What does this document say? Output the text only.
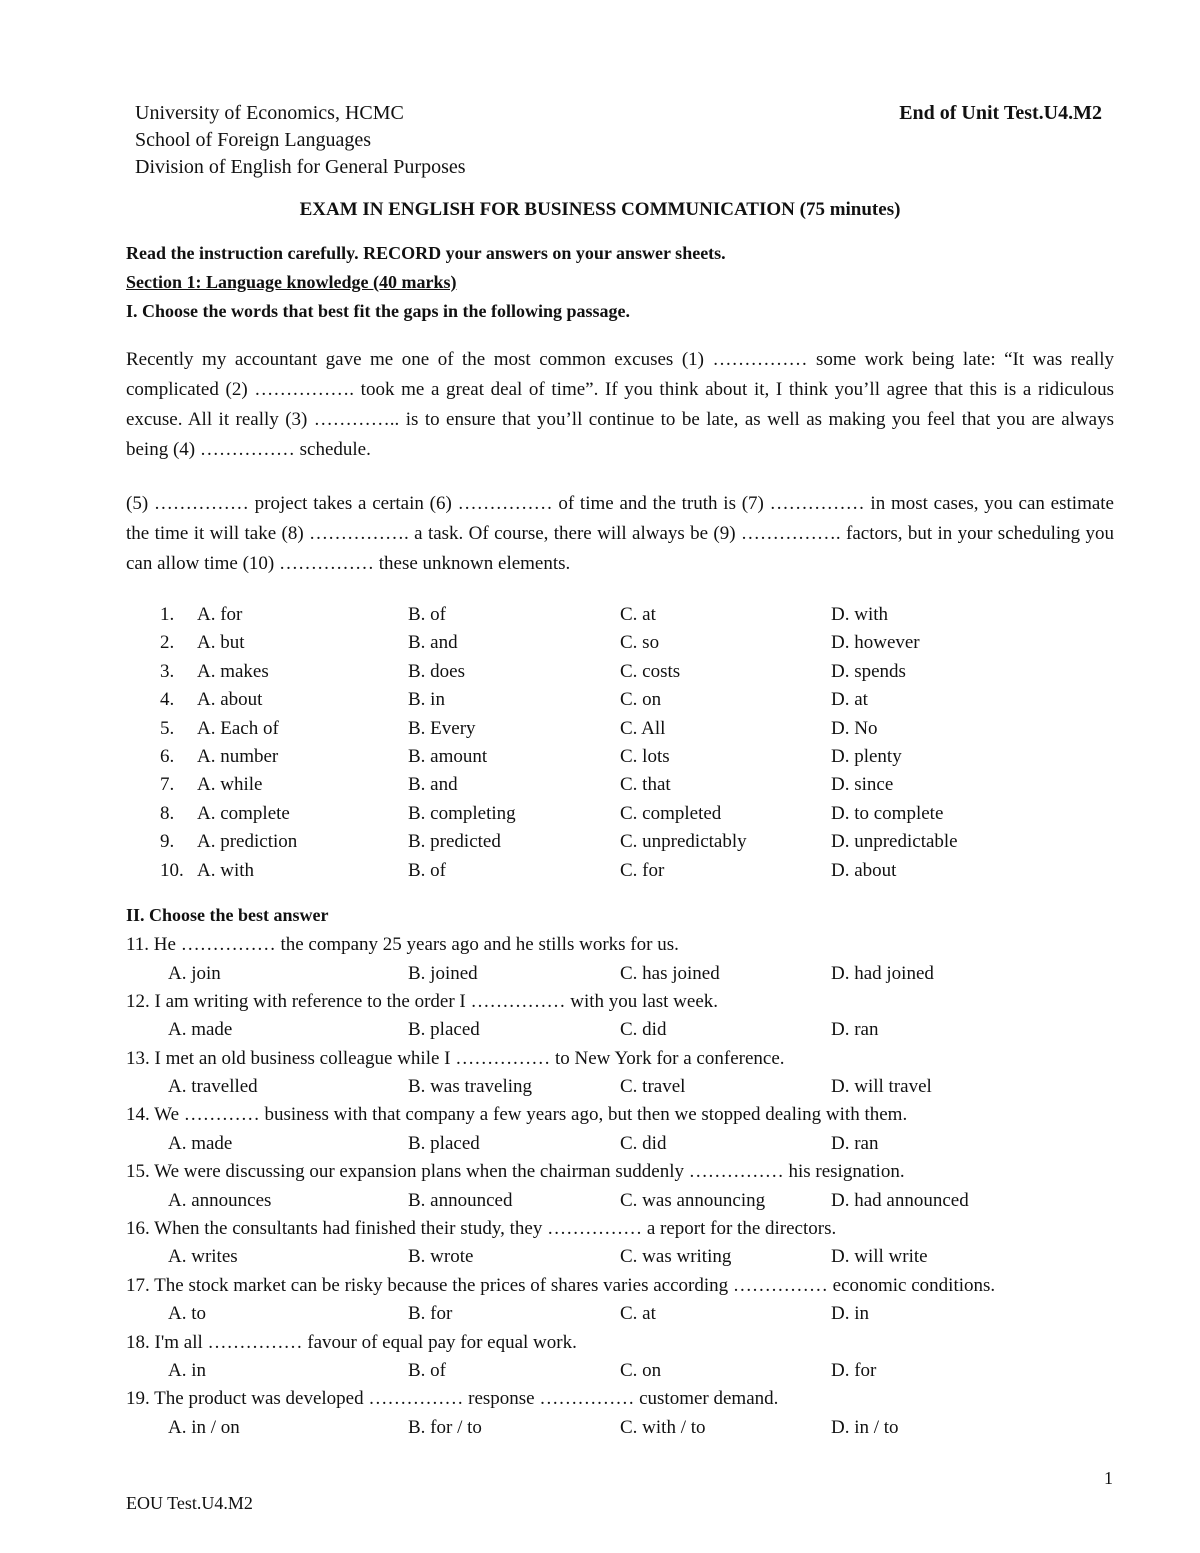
University of Economics, HCMC
School of Foreign Languages
Division of English for General Purposes
End of Unit Test.U4.M2
EXAM IN ENGLISH FOR BUSINESS COMMUNICATION (75 minutes)
Read the instruction carefully. RECORD your answers on your answer sheets.
Section 1: Language knowledge (40 marks)
I. Choose the words that best fit the gaps in the following passage.
Recently my accountant gave me one of the most common excuses (1) …………… some work being late: “It was really complicated (2) ……………. took me a great deal of time”. If you think about it, I think you’ll agree that this is a ridiculous excuse. All it really (3) ………….. is to ensure that you’ll continue to be late, as well as making you feel that you are always being (4) …………… schedule.
(5) …………… project takes a certain (6) …………… of time and the truth is (7) …………… in most cases, you can estimate the time it will take (8) ……………. a task. Of course, there will always be (9) ……………. factors, but in your scheduling you can allow time (10) …………… these unknown elements.
1. A. for	B. of	C. at	D. with
2. A. but	B. and	C. so	D. however
3. A. makes	B. does	C. costs	D. spends
4. A. about	B. in	C. on	D. at
5. A. Each of	B. Every	C. All	D. No
6. A. number	B. amount	C. lots	D. plenty
7. A. while	B. and	C. that	D. since
8. A. complete	B. completing	C. completed	D. to complete
9. A. prediction	B. predicted	C. unpredictably	D. unpredictable
10. A. with	B. of	C. for	D. about
II. Choose the best answer
11. He …………… the company 25 years ago and he stills works for us.
A. join	B. joined	C. has joined	D. had joined
12. I am writing with reference to the order I …………… with you last week.
A. made	B. placed	C. did	D. ran
13. I met an old business colleague while I …………… to New York for a conference.
A. travelled	B. was traveling	C. travel	D. will travel
14. We ………… business with that company a few years ago, but then we stopped dealing with them.
A. made	B. placed	C. did	D. ran
15. We were discussing our expansion plans when the chairman suddenly …………… his resignation.
A. announces	B. announced	C. was announcing	D. had announced
16. When the consultants had finished their study, they …………… a report for the directors.
A. writes	B. wrote	C. was writing	D. will write
17. The stock market can be risky because the prices of shares varies according …………… economic conditions.
A. to	B. for	C. at	D. in
18. I'm all …………… favour of equal pay for equal work.
A. in	B. of	C. on	D. for
19. The product was developed …………… response …………… customer demand.
A. in / on	B. for / to	C. with / to	D. in / to
1
EOU Test.U4.M2
